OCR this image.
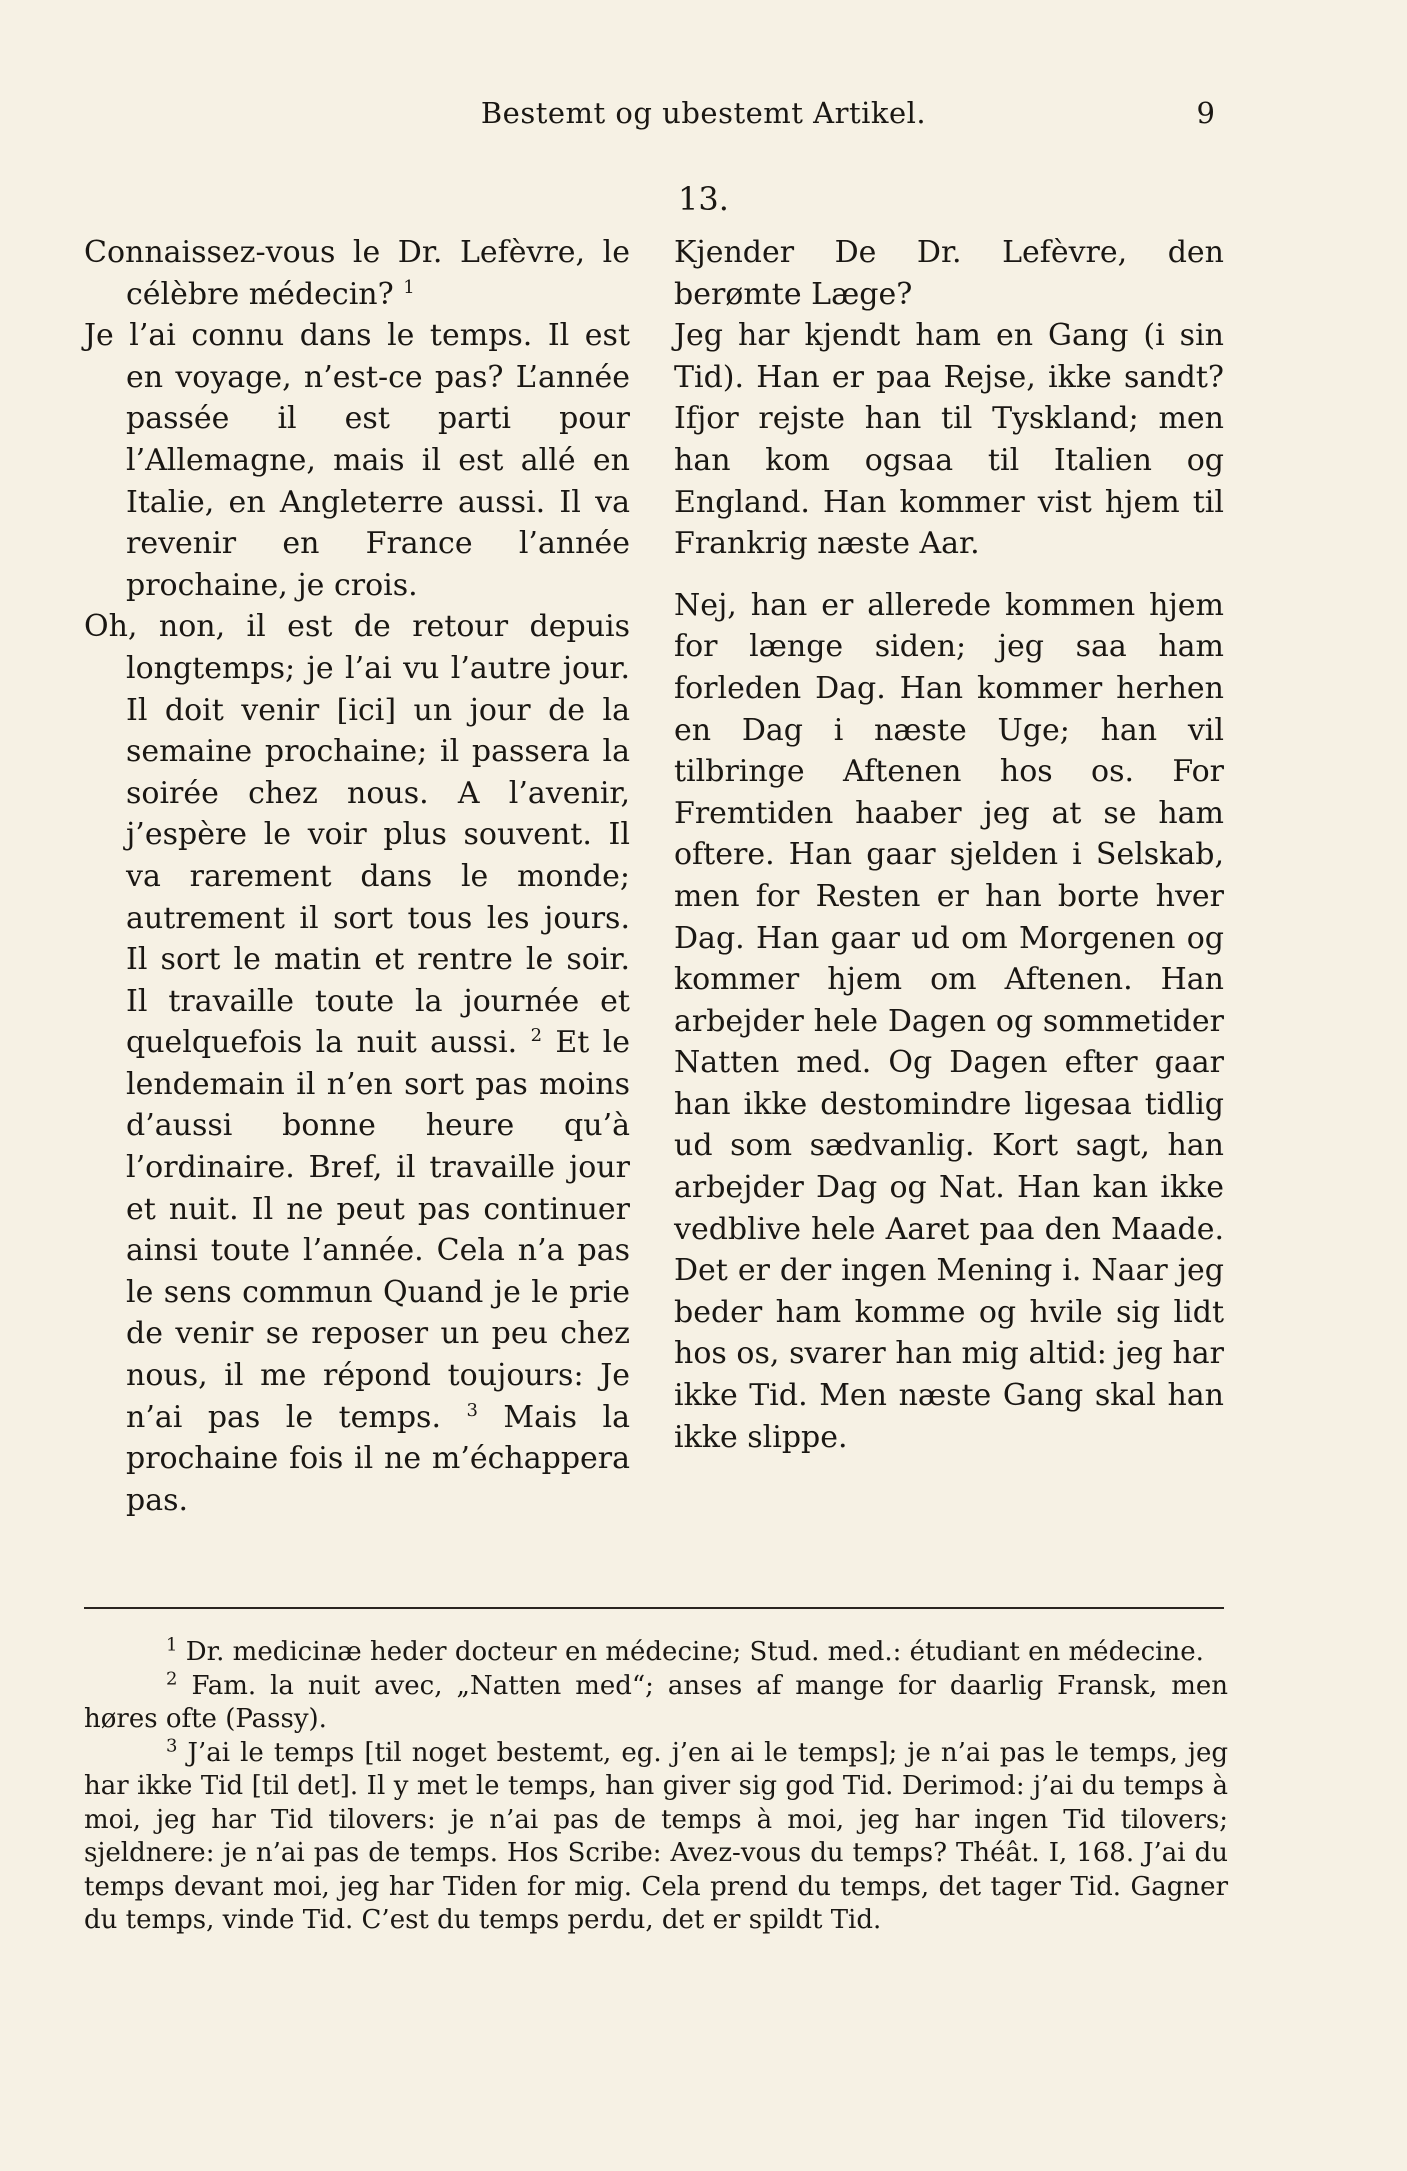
Bestemt og ubestemt Artikel.	9
13.

Connaissez-vous le Dr. Lefèvre, le célèbre médecin? $^1$

Je l’ai connu dans le temps. Il est en voyage, n’est-ce pas? L’année passée il est parti pour l’Allemagne, mais il est allé en Italie, en Angleterre aussi. Il va revenir en France l’année prochaine, je crois.

Oh, non, il est de retour depuis longtemps; je l’ai vu l’autre jour. Il doit venir [ici] un jour de la semaine prochaine; il passera la soirée chez nous. A l’avenir, j’espère le voir plus souvent. Il va rarement dans le monde; autrement il sort tous les jours. Il sort le matin et rentre le soir. Il travaille toute la journée et quelquefois la nuit aussi. $^2$ Et le lendemain il n’en sort pas moins d’aussi bonne heure qu’à l’ordinaire. Bref, il travaille jour et nuit. Il ne peut pas continuer ainsi toute l’année. Cela n’a pas le sens commun Quand je le prie de venir se reposer un peu chez nous, il me répond toujours: Je n’ai pas le temps. $^3$ Mais la prochaine fois il ne m’échappera pas.

Kjender De Dr. Lefèvre, den berømte Læge?
Jeg har kjendt ham en Gang (i sin Tid). Han er paa Rejse, ikke sandt? Ifjor rejste han til Tyskland; men han kom ogsaa til Italien og England. Han kommer vist hjem til Frankrig næste Aar.

Nej, han er allerede kommen hjem for længe siden; jeg saa ham forleden Dag. Han kommer herhen en Dag i næste Uge; han vil tilbringe Aftenen hos os. For Fremtiden haaber jeg at se ham oftere. Han gaar sjelden i Selskab, men for Resten er han borte hver Dag. Han gaar ud om Morgenen og kommer hjem om Aftenen. Han arbejder hele Dagen og sommetider Natten med. Og Dagen efter gaar han ikke destomindre ligesaa tidlig ud som sædvanlig. Kort sagt, han arbejder Dag og Nat. Han kan ikke vedblive hele Aaret paa den Maade. Det er der ingen Mening i. Naar jeg beder ham komme og hvile sig lidt hos os, svarer han mig altid: jeg har ikke Tid. Men næste Gang skal han ikke slippe.

$^1$ Dr. medicinæ heder docteur en médecine; Stud. med.: étudiant en médecine.

$^2$ Fam. la nuit avec, „Natten med“; anses af mange for daarlig Fransk, men høres ofte (Passy).

$^3$ J’ai le temps [til noget bestemt, eg. j’en ai le temps]; je n’ai pas le temps, jeg har ikke Tid [til det]. Il y met le temps, han giver sig god Tid. Derimod: j’ai du temps à moi, jeg har Tid tilovers: je n’ai pas de temps à moi, jeg har ingen Tid tilovers; sjeldnere: je n’ai pas de temps. Hos Scribe: Avez-vous du temps? Théât. I, 168. J’ai du temps devant moi, jeg har Tiden for mig. Cela prend du temps, det tager Tid. Gagner du temps, vinde Tid. C’est du temps perdu, det er spildt Tid.
